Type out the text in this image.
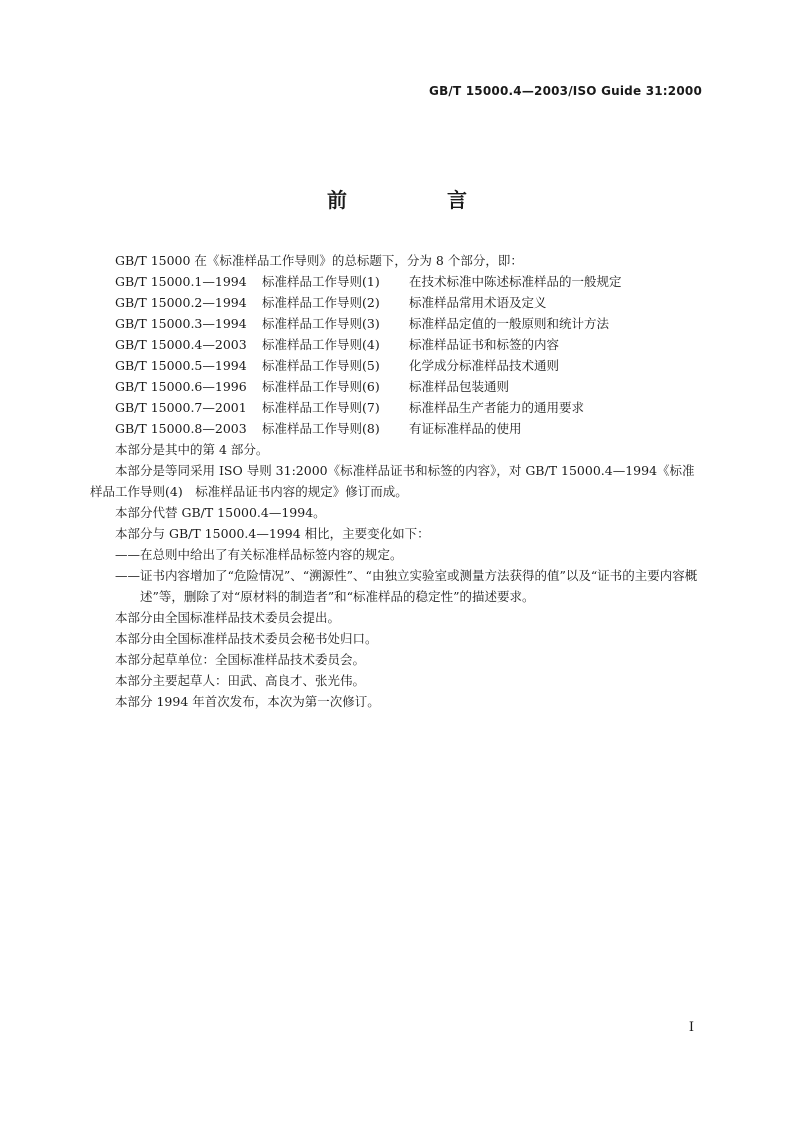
GB/T 15000.4—2003/ISO Guide 31:2000
前　言

GB/T 15000 在《标准样品工作导则》的总标题下，分为 8 个部分，即：

GB/T 15000.1—1994	标准样品工作导则(1)	在技术标准中陈述标准样品的一般规定

GB/T 15000.2—1994	标准样品工作导则(2)	标准样品常用术语及定义

GB/T 15000.3—1994	标准样品工作导则(3)	标准样品定值的一般原则和统计方法

GB/T 15000.4—2003	标准样品工作导则(4)	标准样品证书和标签的内容

GB/T 15000.5—1994	标准样品工作导则(5)	化学成分标准样品技术通则

GB/T 15000.6—1996	标准样品工作导则(6)	标准样品包装通则

GB/T 15000.7—2001	标准样品工作导则(7)	标准样品生产者能力的通用要求

GB/T 15000.8—2003	标准样品工作导则(8)	有证标准样品的使用

本部分是其中的第 4 部分。

本部分是等同采用 ISO 导则 31:2000《标准样品证书和标签的内容》，对 GB/T 15000.4—1994《标准样品工作导则(4)　标准样品证书内容的规定》修订而成。

本部分代替 GB/T 15000.4—1994。

本部分与 GB/T 15000.4—1994 相比，主要变化如下：

——在总则中给出了有关标准样品标签内容的规定。

——证书内容增加了“危险情况”、“溯源性”、“由独立实验室或测量方法获得的值”以及“证书的主要内容概述”等，删除了对“原材料的制造者”和“标准样品的稳定性”的描述要求。

本部分由全国标准样品技术委员会提出。

本部分由全国标准样品技术委员会秘书处归口。

本部分起草单位：全国标准样品技术委员会。

本部分主要起草人：田武、高良才、张光伟。

本部分 1994 年首次发布，本次为第一次修订。

I
